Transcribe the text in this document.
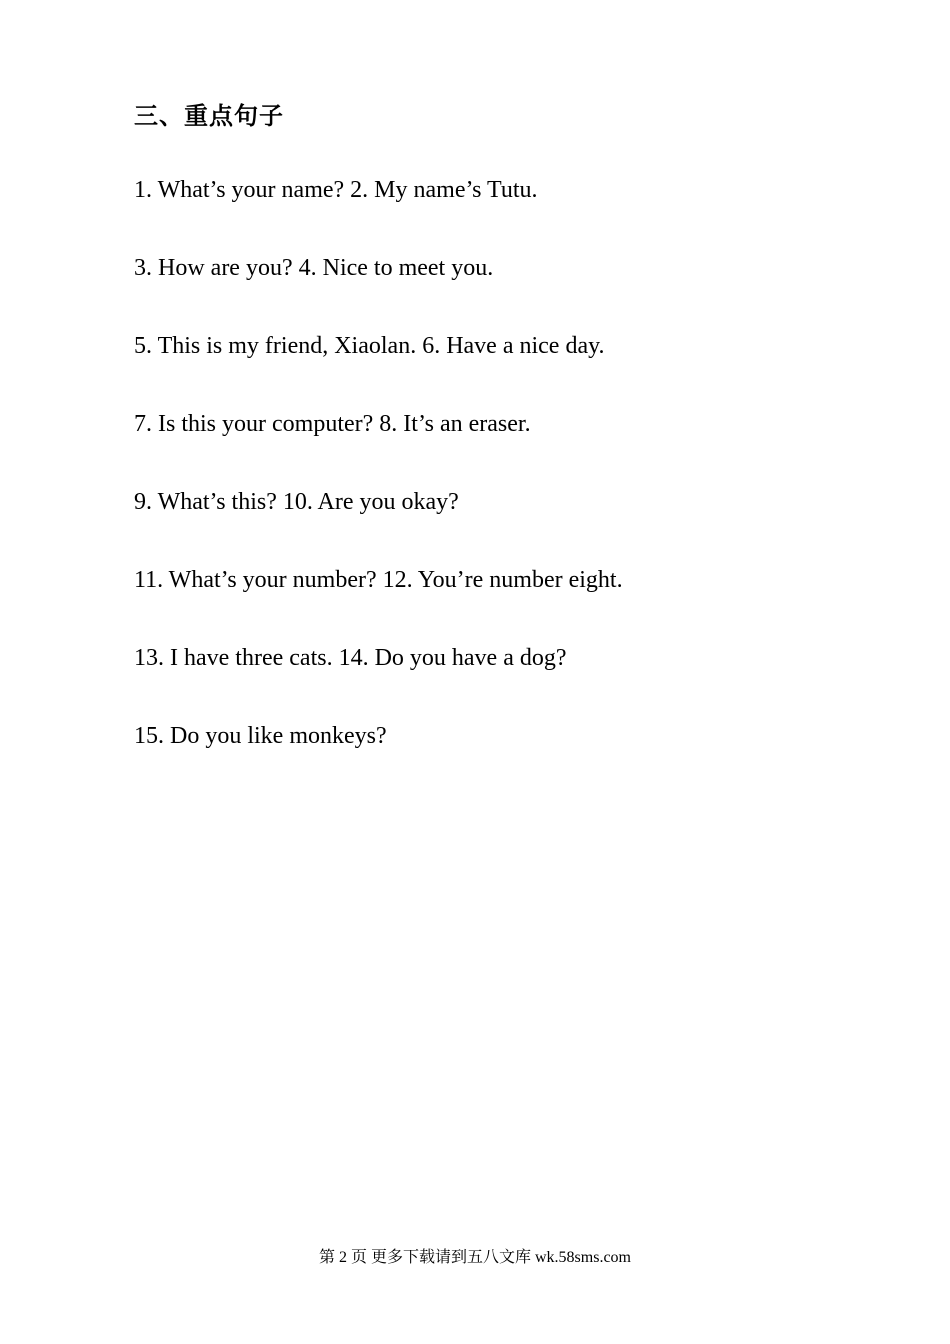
三、重点句子
1. What’s your name? 2. My name’s Tutu.
3. How are you? 4. Nice to meet you.
5. This is my friend, Xiaolan. 6. Have a nice day.
7. Is this your computer? 8. It’s an eraser.
9. What’s this? 10. Are you okay?
11. What’s your number? 12. You’re number eight.
13. I have three cats. 14. Do you have a dog?
15. Do you like monkeys?

第 2 页 更多下载请到五八文库 wk.58sms.com
